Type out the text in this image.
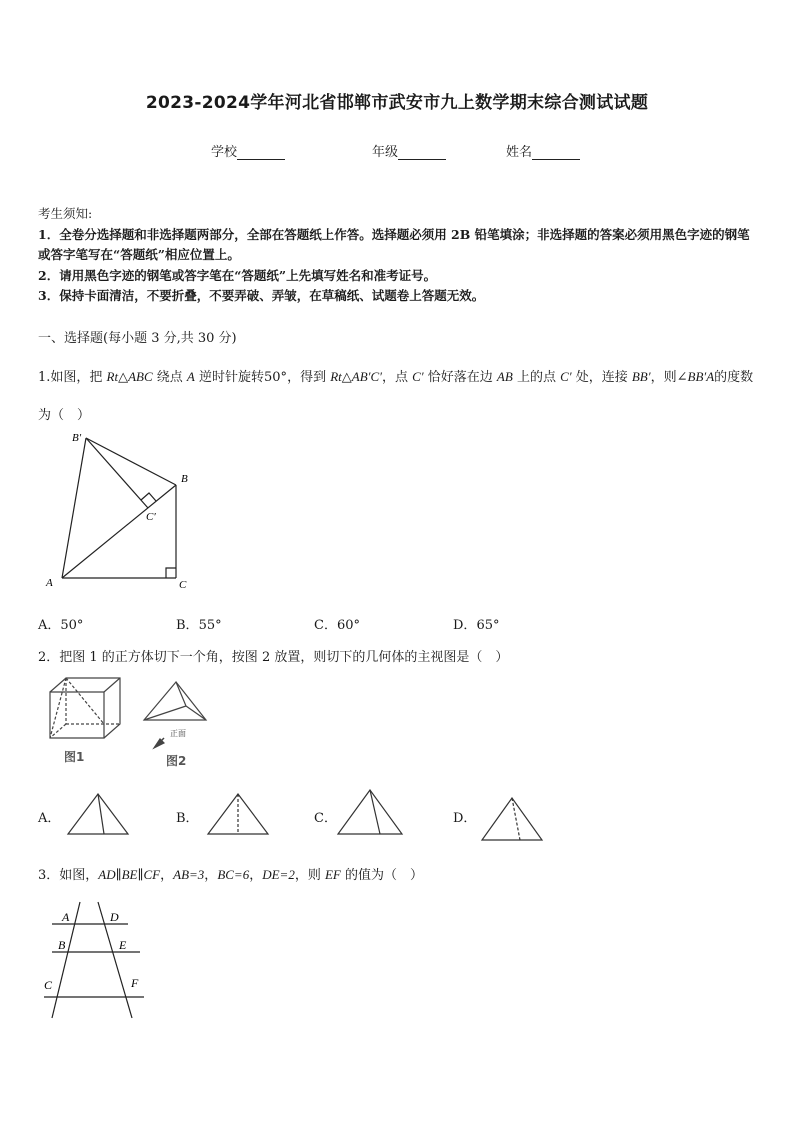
2023-2024学年河北省邯郸市武安市九上数学期末综合测试试题
学校	年级	姓名
考生须知:
1．全卷分选择题和非选择题两部分，全部在答题纸上作答。选择题必须用 2B 铅笔填涂；非选择题的答案必须用黑色字迹的钢笔或答字笔写在“答题纸”相应位置上。
2．请用黑色字迹的钢笔或答字笔在“答题纸”上先填写姓名和准考证号。
3．保持卡面清洁，不要折叠，不要弄破、弄皱，在草稿纸、试题卷上答题无效。
一、选择题(每小题 3 分,共 30 分)
1.如图，把 Rt△ABC 绕点 A 逆时针旋转50°，得到 Rt△AB′C′，点 C′ 恰好落在边 AB 上的点 C′ 处，连接 BB′，则∠BB′A的度数为（　）
B′
B
C′
A	C
A．50°	B．55°	C．60°	D．65°
2．把图 1 的正方体切下一个角，按图 2 放置，则切下的几何体的主视图是（　）
图1
正面
图2
A．	B．	C．	D．
3．如图，AD∥BE∥CF，AB=3，BC=6，DE=2，则 EF 的值为（　）
A	D
B	E
C	F
